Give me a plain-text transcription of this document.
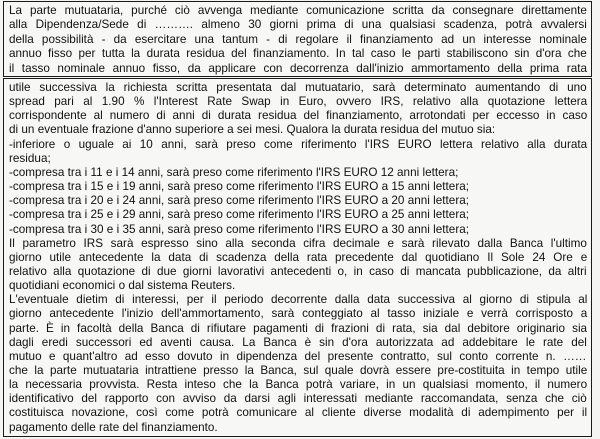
La parte mutuataria, purché ciò avvenga mediante comunicazione scritta da consegnare direttamente
alla Dipendenza/Sede di ………. almeno 30 giorni prima di una qualsiasi scadenza, potrà avvalersi
della possibilità - da esercitare una tantum - di regolare il finanziamento ad un interesse nominale
annuo fisso per tutta la durata residua del finanziamento. In tal caso le parti stabiliscono sin d'ora che
il tasso nominale annuo fisso, da applicare con decorrenza dall'inizio ammortamento della prima rata
utile successiva la richiesta scritta presentata dal mutuatario, sarà determinato aumentando di uno
spread pari al 1.90 % l'Interest Rate Swap in Euro, ovvero IRS, relativo alla quotazione lettera
corrispondente al numero di anni di durata residua del finanziamento, arrotondati per eccesso in caso
di un eventuale frazione d'anno superiore a sei mesi. Qualora la durata residua del mutuo sia:
-inferiore o uguale ai 10 anni, sarà preso come riferimento l'IRS EURO lettera relativo alla durata
residua;
-compresa tra i 11 e i 14 anni, sarà preso come riferimento l'IRS EURO 12 anni lettera;
-compresa tra i 15 e i 19 anni, sarà preso come riferimento l'IRS EURO a 15 anni lettera;
-compresa tra i 20 e i 24 anni, sarà preso come riferimento l'IRS EURO a 20 anni lettera;
-compresa tra i 25 e i 29 anni, sarà preso come riferimento l'IRS EURO a 25 anni lettera;
-compresa tra i 30 e i 35 anni, sarà preso come riferimento l'IRS EURO a 30 anni lettera;
Il parametro IRS sarà espresso sino alla seconda cifra decimale e sarà rilevato dalla Banca l'ultimo
giorno utile antecedente la data di scadenza della rata precedente dal quotidiano Il Sole 24 Ore e
relativo alla quotazione di due giorni lavorativi antecedenti o, in caso di mancata pubblicazione, da altri
quotidiani economici o dal sistema Reuters.
L'eventuale dietim di interessi, per il periodo decorrente dalla data successiva al giorno di stipula al
giorno antecedente l'inizio dell'ammortamento, sarà conteggiato al tasso iniziale e verrà corrisposto a
parte. È in facoltà della Banca di rifiutare pagamenti di frazioni di rata, sia dal debitore originario sia
dagli eredi successori ed aventi causa. La Banca è sin d'ora autorizzata ad addebitare le rate del
mutuo e quant'altro ad esso dovuto in dipendenza del presente contratto, sul conto corrente n. ……
che la parte mutuataria intrattiene presso la Banca, sul quale dovrà essere pre-costituita in tempo utile
la necessaria provvista. Resta inteso che la Banca potrà variare, in un qualsiasi momento, il numero
identificativo del rapporto con avviso da darsi agli interessati mediante raccomandata, senza che ciò
costituisca novazione, così come potrà comunicare al cliente diverse modalità di adempimento per il
pagamento delle rate del finanziamento.
